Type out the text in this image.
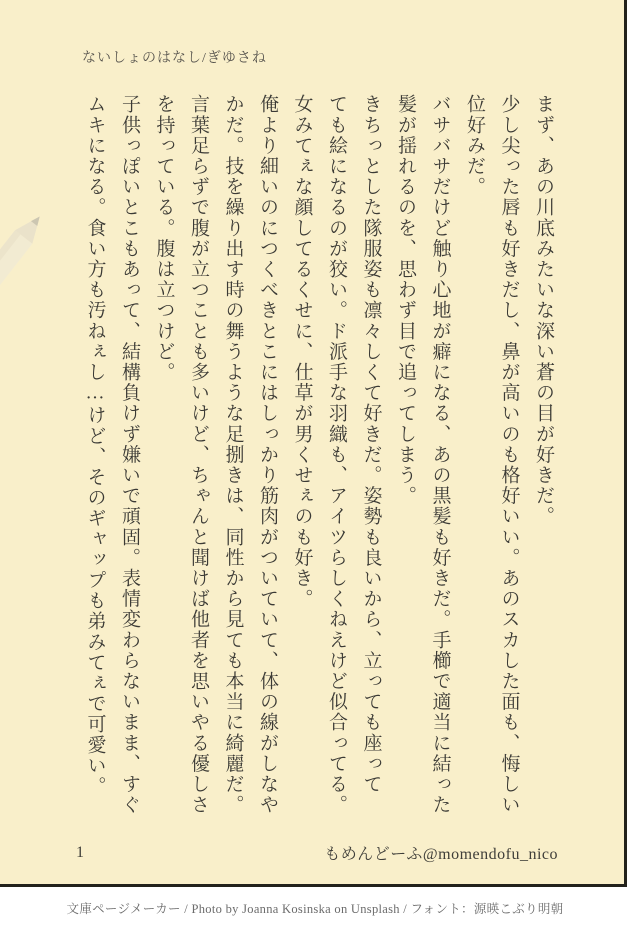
ないしょのはなし/ぎゆさね
まず、あの川底みたいな深い蒼の目が好きだ。
少し尖った唇も好きだし、鼻が高いのも格好いい。あのスカした面も、悔しい
位好みだ。
バサバサだけど触り心地が癖になる、あの黒髪も好きだ。手櫛で適当に結った
髪が揺れるのを、思わず目で追ってしまう。
きちっとした隊服姿も凛々しくて好きだ。姿勢も良いから、立っても座って
ても絵になるのが狡い。ド派手な羽織も、アイツらしくねえけど似合ってる。
女みてぇな顔してるくせに、仕草が男くせぇのも好き。
俺より細いのにつくべきとこにはしっかり筋肉がついていて、体の線がしなや
かだ。技を繰り出す時の舞うような足捌きは、同性から見ても本当に綺麗だ。
言葉足らずで腹が立つことも多いけど、ちゃんと聞けば他者を思いやる優しさ
を持っている。腹は立つけど。
子供っぽいとこもあって、結構負けず嫌いで頑固。表情変わらないまま、すぐ
ムキになる。食い方も汚ねぇし…けど、そのギャップも弟みてぇで可愛い。
1	もめんどーふ@momendofu_nico
文庫ページメーカー / Photo by Joanna Kosinska on Unsplash / フォント：源暎こぶり明朝
